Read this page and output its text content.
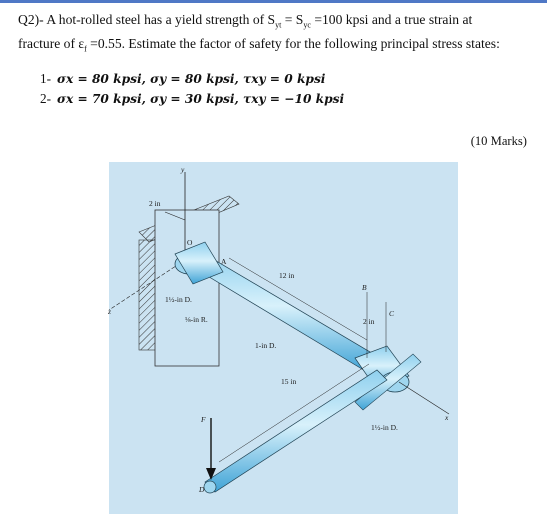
Q2)- A hot-rolled steel has a yield strength of $S_{yt} = S_{yc} =100$ kpsi and a true strain at
fracture of $\varepsilon_f =0.55$. Estimate the factor of safety for the following principal stress states:
1- σx = 80 kpsi, σy = 80 kpsi, τxy = 0 kpsi
2- σx = 70 kpsi, σy = 30 kpsi, τxy = −10 kpsi
(10 Marks)
y
z
2 in
O
A
12 in
1½-in D.
⅛-in R.
1-in D.
B
2 in
C
x
15 in
1½-in D.
F
D
